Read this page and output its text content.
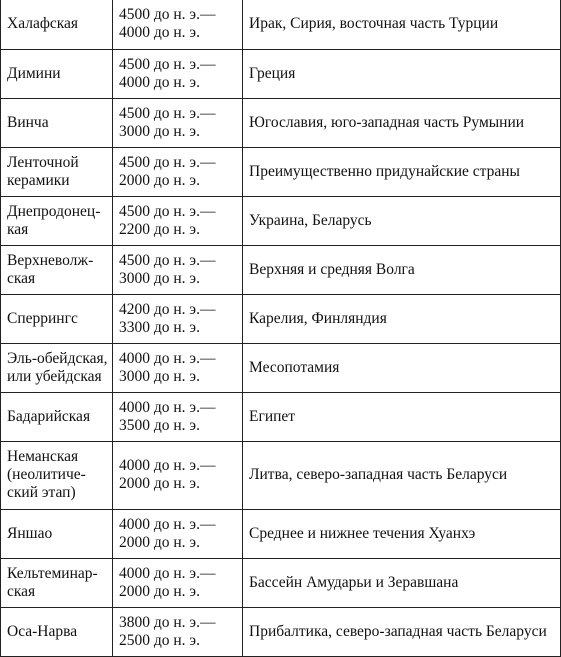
Халафская	4500 до н. э.—
4000 до н. э.	Ирак, Сирия, восточная часть Турции

Димини	4500 до н. э.—
4000 до н. э.	Греция

Винча	4500 до н. э.—
3000 до н. э.	Югославия, юго-западная часть Румынии

Ленточной
керамики	4500 до н. э.—
2000 до н. э.	Преимущественно придунайские страны

Днепродонец-
кая	4500 до н. э.—
2200 до н. э.	Украина, Беларусь

Верхневолж-
ская	4500 до н. э.—
3000 до н. э.	Верхняя и средняя Волга

Сперрингс	4200 до н. э.—
3300 до н. э.	Карелия, Финляндия

Эль-обейдская,
или убейдская	4000 до н. э.—
3000 до н. э.	Месопотамия

Бадарийская	4000 до н. э.—
3500 до н. э.	Египет

Неманская
(неолитиче-
ский этап)	4000 до н. э.—
2000 до н. э.	Литва, северо-западная часть Беларуси

Яншао	4000 до н. э.—
2000 до н. э.	Среднее и нижнее течения Хуанхэ

Кельтеминар-
ская	4000 до н. э.—
2000 до н. э.	Бассейн Амударьи и Зеравшана

Оса-Нарва	3800 до н. э.—
2500 до н. э.	Прибалтика, северо-западная часть Беларуси
